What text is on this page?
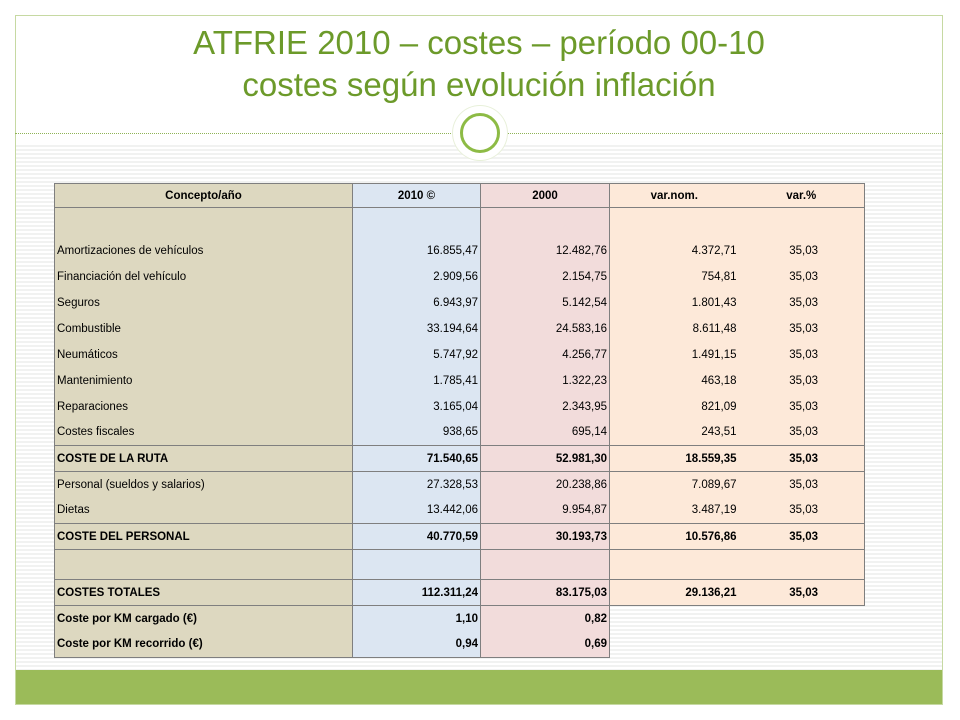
ATFRIE 2010 – costes – período 00-10
costes según evolución inflación
Concepto/año	2010 ©	2000	var.nom.	var.%

Amortizaciones de vehículos	16.855,47	12.482,76	4.372,71	35,03

Financiación del vehículo	2.909,56	2.154,75	754,81	35,03

Seguros	6.943,97	5.142,54	1.801,43	35,03

Combustible	33.194,64	24.583,16	8.611,48	35,03

Neumáticos	5.747,92	4.256,77	1.491,15	35,03

Mantenimiento	1.785,41	1.322,23	463,18	35,03

Reparaciones	3.165,04	2.343,95	821,09	35,03

Costes fiscales	938,65	695,14	243,51	35,03

COSTE DE LA RUTA	71.540,65	52.981,30	18.559,35	35,03

Personal (sueldos y salarios)	27.328,53	20.238,86	7.089,67	35,03

Dietas	13.442,06	9.954,87	3.487,19	35,03

COSTE DEL PERSONAL	40.770,59	30.193,73	10.576,86	35,03

COSTES TOTALES	112.311,24	83.175,03	29.136,21	35,03

Coste por KM cargado (€)	1,10	0,82		
Coste por KM recorrido (€)	0,94	0,69		
